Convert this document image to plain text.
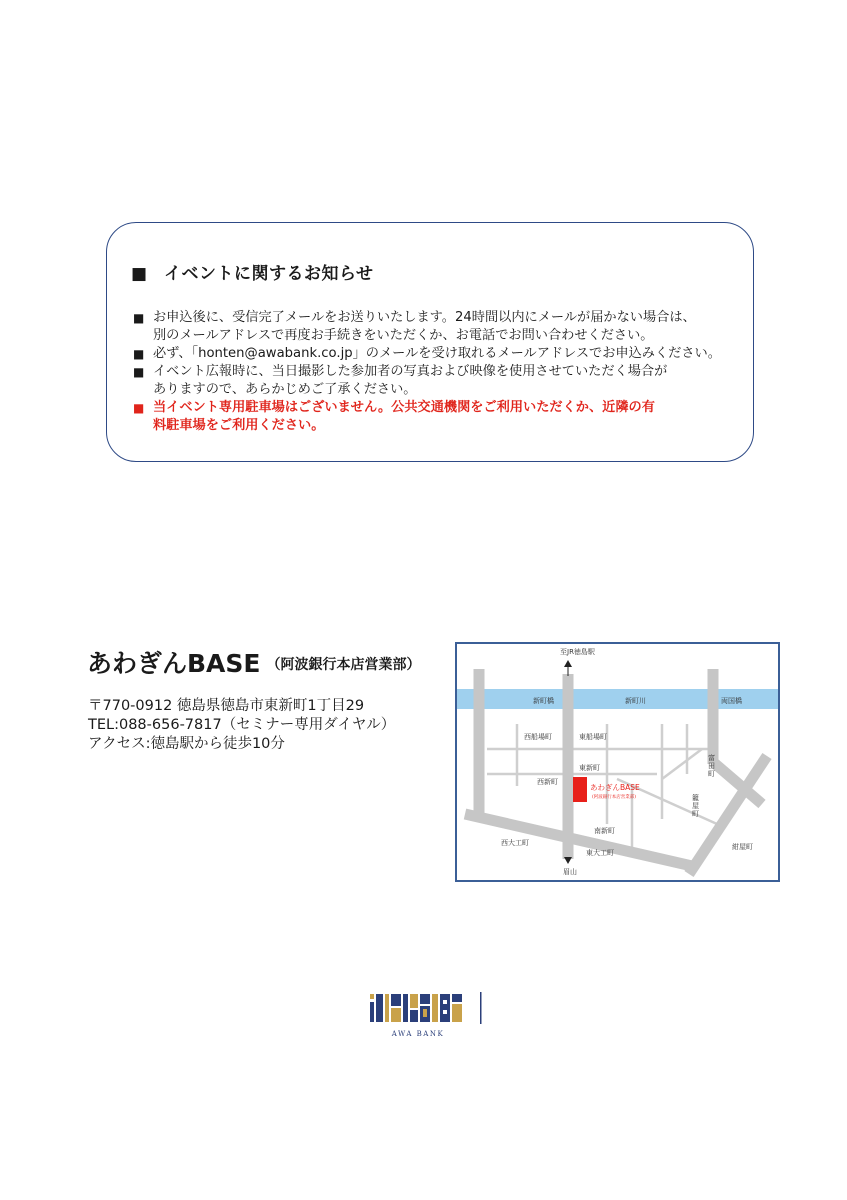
■ イベントに関するお知らせ
■ お申込後に、受信完了メールをお送りいたします。24時間以内にメールが届かない場合は、
別のメールアドレスで再度お手続きをいただくか、お電話でお問い合わせください。
■ 必ず、「honten@awabank.co.jp」のメールを受け取れるメールアドレスでお申込みください。
■ イベント広報時に、当日撮影した参加者の写真および映像を使用させていただく場合が
ありますので、あらかじめご了承ください。
■ 当イベント専用駐車場はございません。公共交通機関をご利用いただくか、近隣の有
料駐車場をご利用ください。
あわぎんBASE （阿波銀行本店営業部）
〒770-0912 徳島県徳島市東新町1丁目29
TEL:088-656-7817（セミナー専用ダイヤル）
アクセス:徳島駅から徒歩10分
至JR徳島駅
新町橋	新町川	両国橋
西船場町	東船場町
東新町
西新町
あわぎんBASE
(阿波銀行本店営業部)
南新町
西大工町
東大工町
眉山
紺屋町
富
田
町
籠
屋
町
AWA BANK
